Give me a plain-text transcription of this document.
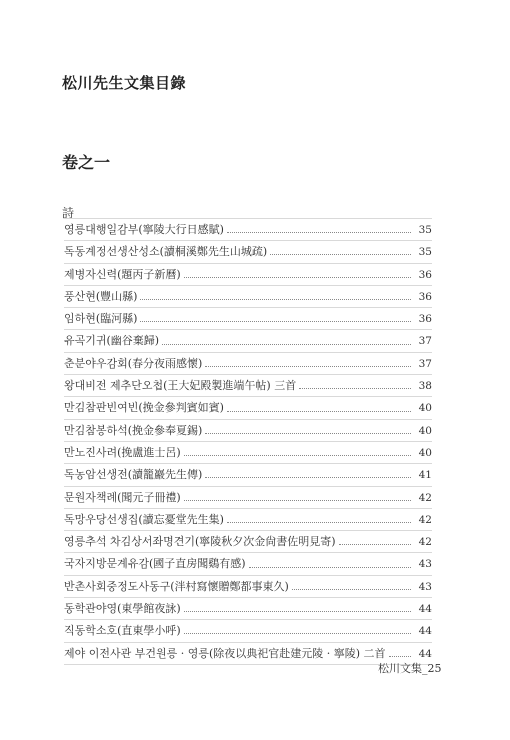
松川先生文集目錄
卷之一
詩
영릉대행일감부(寧陵大行日感賦)	35
독동계정선생산성소(讀桐溪鄭先生山城疏)	35
제병자신력(題丙子新曆)	36
풍산현(豐山縣)	36
임하현(臨河縣)	36
유곡기귀(幽谷棄歸)	37
춘분야우감회(春分夜雨感懷)	37
왕대비전 제추단오첩(王大妃殿製進端午帖) 三首	38
만김참판빈여빈(挽金參判賓如賓)	40
만김참봉하석(挽金參奉夏錫)	40
만노진사려(挽盧進士呂)	40
독농암선생전(讀籠巖先生傳)	41
문원자책례(聞元子冊禮)	42
독망우당선생집(讀忘憂堂先生集)	42
영릉추석 차김상서좌명견기(寧陵秋夕次金尙書佐明見寄)	42
국자지방문계유감(國子直房聞鷄有感)	43
반촌사회중정도사동구(泮村寫懷贈鄭都事東久)	43
동학관야영(東學館夜詠)	44
직동학소호(直東學小呼)	44
제야 이전사관 부건원릉 · 영릉(除夜以典祀官赴建元陵 · 寧陵) 二首	44
松川文集_25
